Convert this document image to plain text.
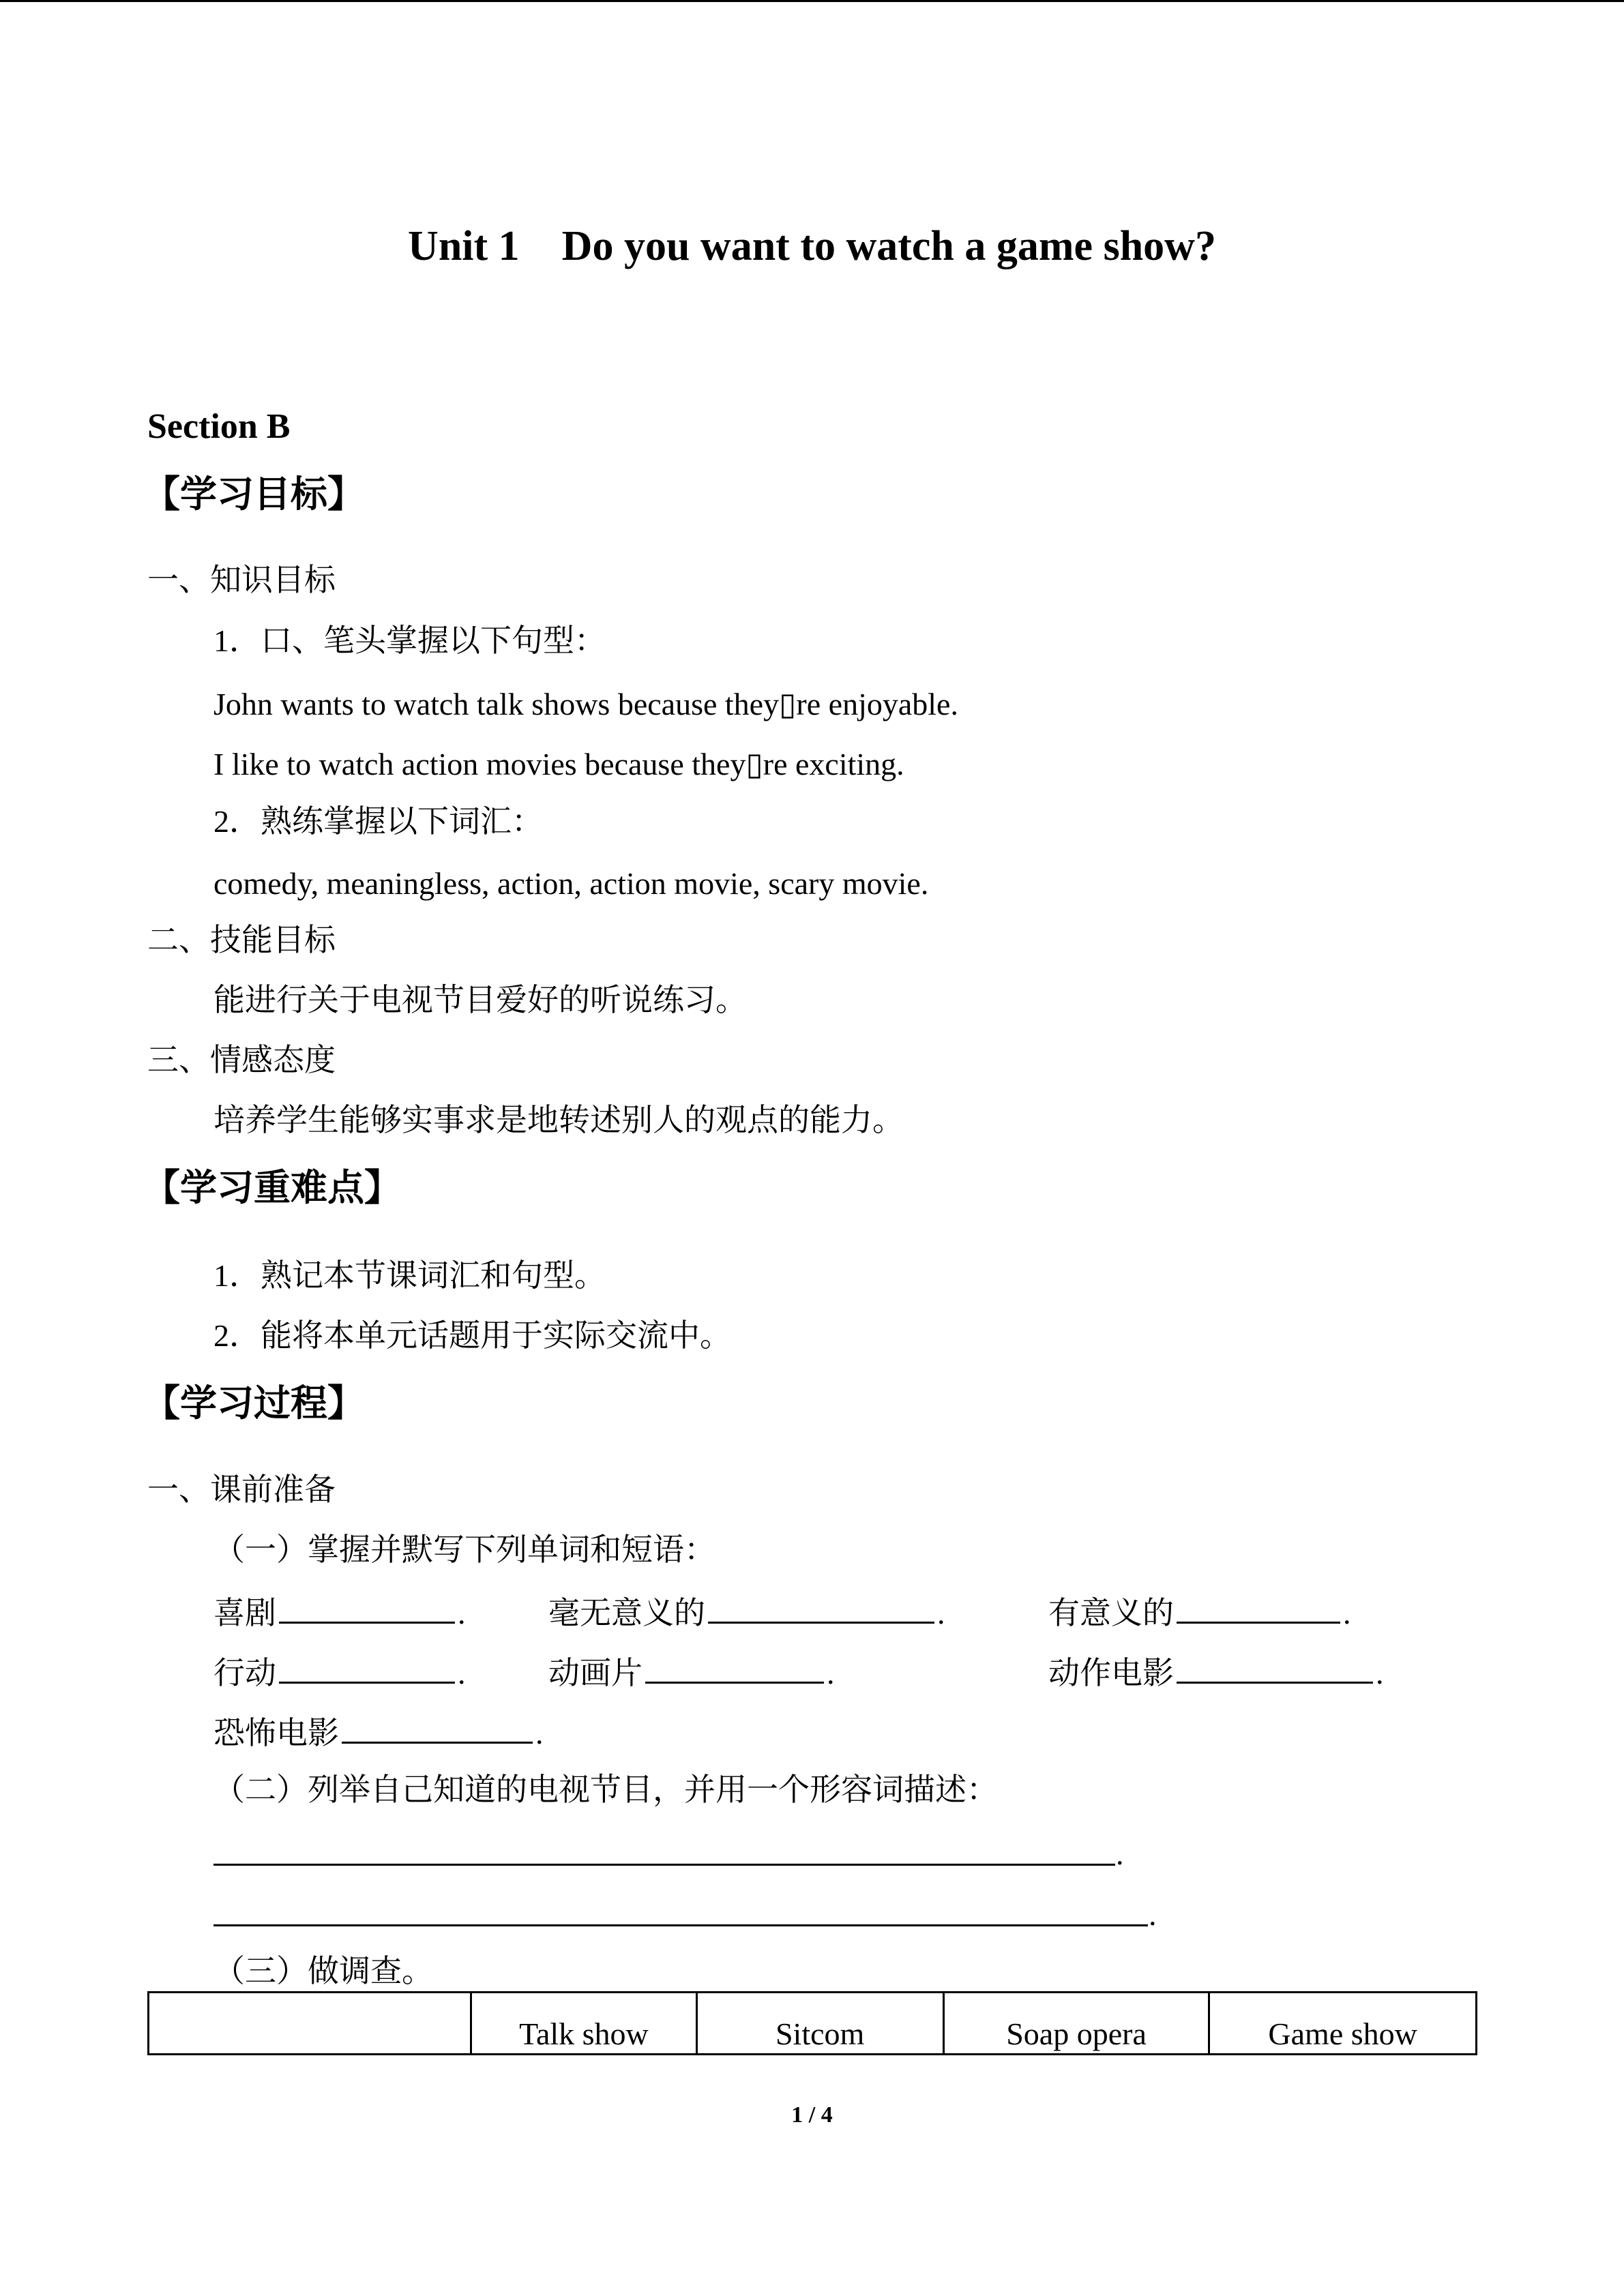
Unit 1    Do you want to watch a game show?
Section B
【学习目标】
一、知识目标
1．口、笔头掌握以下句型：
John wants to watch talk shows because they▯re enjoyable.
I like to watch action movies because they▯re exciting.
2．熟练掌握以下词汇：
comedy, meaningless, action, action movie, scary movie.
二、技能目标
能进行关于电视节目爱好的听说练习。
三、情感态度
培养学生能够实事求是地转述别人的观点的能力。
【学习重难点】
1．熟记本节课词汇和句型。
2．能将本单元话题用于实际交流中。
【学习过程】
一、课前准备
（一）掌握并默写下列单词和短语：
喜剧	.	毫无意义的	.	有意义的	.
行动	.	动画片	.	动作电影	.
恐怖电影	.
（二）列举自己知道的电视节目，并用一个形容词描述：
.
.
（三）做调查。
	Talk show	Sitcom	Soap opera	Game show
1 / 4
